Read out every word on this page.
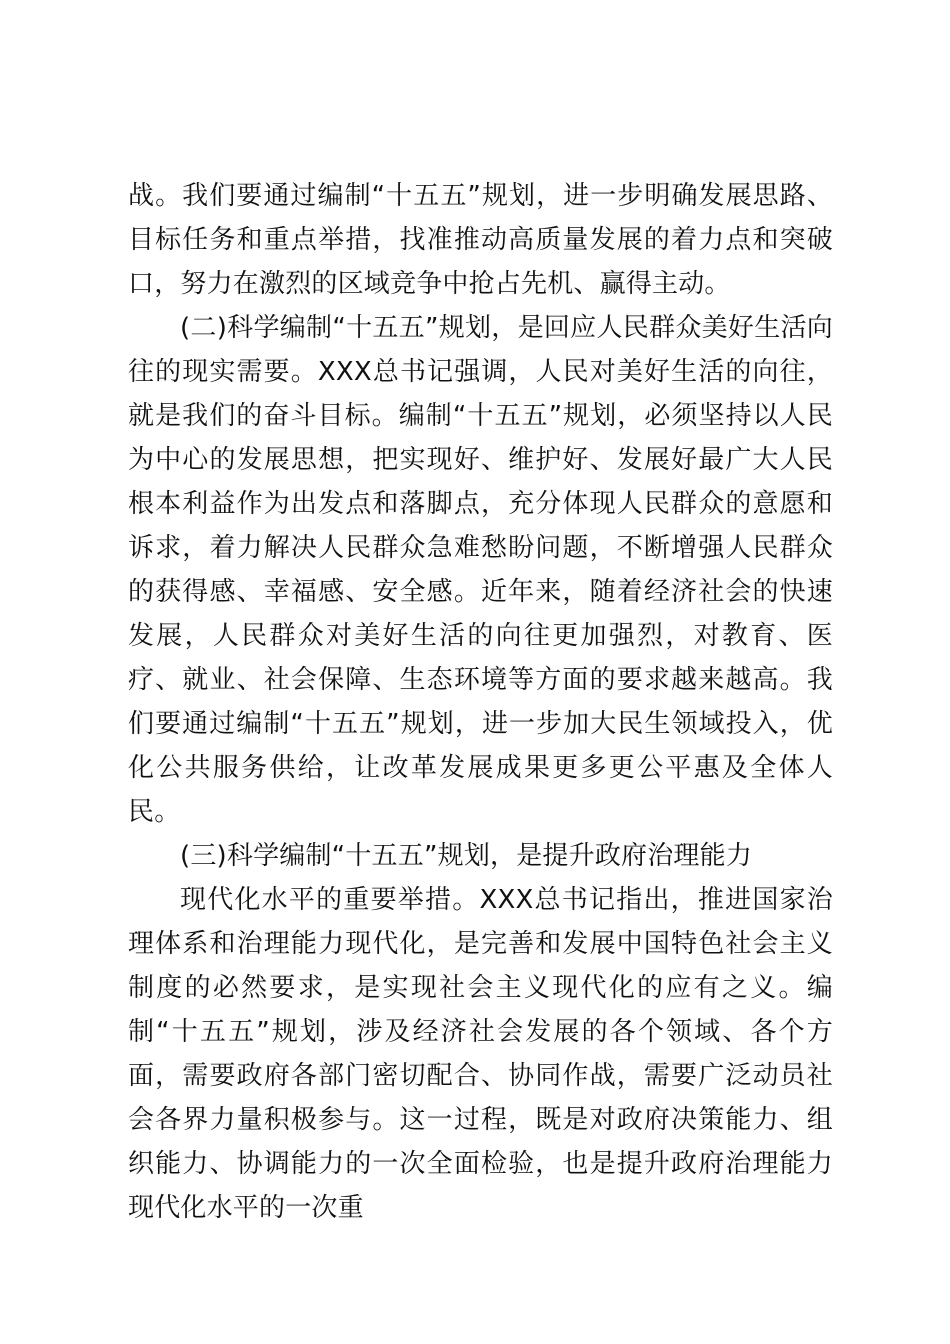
战。我们要通过编制“十五五”规划，进一步明确发展思路、目标任务和重点举措，找准推动高质量发展的着力点和突破口，努力在激烈的区域竞争中抢占先机、赢得主动。

(二)科学编制“十五五”规划，是回应人民群众美好生活向往的现实需要。XXX总书记强调，人民对美好生活的向往，就是我们的奋斗目标。编制“十五五”规划，必须坚持以人民为中心的发展思想，把实现好、维护好、发展好最广大人民根本利益作为出发点和落脚点，充分体现人民群众的意愿和诉求，着力解决人民群众急难愁盼问题，不断增强人民群众的获得感、幸福感、安全感。近年来，随着经济社会的快速发展，人民群众对美好生活的向往更加强烈，对教育、医疗、就业、社会保障、生态环境等方面的要求越来越高。我们要通过编制“十五五”规划，进一步加大民生领域投入，优化公共服务供给，让改革发展成果更多更公平惠及全体人民。

(三)科学编制“十五五”规划，是提升政府治理能力

现代化水平的重要举措。XXX总书记指出，推进国家治理体系和治理能力现代化，是完善和发展中国特色社会主义制度的必然要求，是实现社会主义现代化的应有之义。编制“十五五”规划，涉及经济社会发展的各个领域、各个方面，需要政府各部门密切配合、协同作战，需要广泛动员社会各界力量积极参与。这一过程，既是对政府决策能力、组织能力、协调能力的一次全面检验，也是提升政府治理能力现代化水平的一次重
